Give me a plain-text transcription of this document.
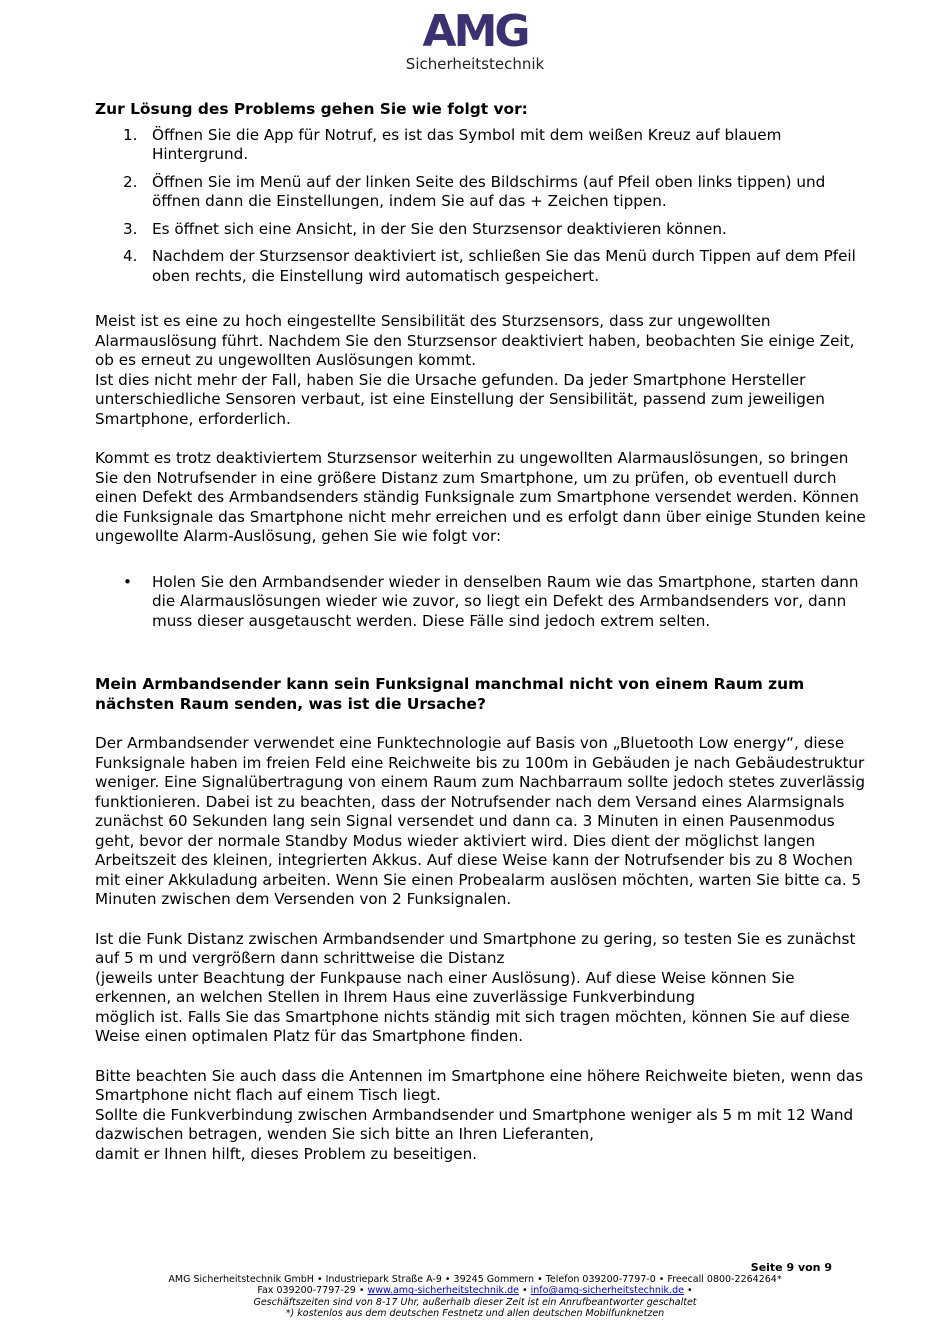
AMG
Sicherheitstechnik
Zur Lösung des Problems gehen Sie wie folgt vor:
1. Öffnen Sie die App für Notruf, es ist das Symbol mit dem weißen Kreuz auf blauem Hintergrund.
2. Öffnen Sie im Menü auf der linken Seite des Bildschirms (auf Pfeil oben links tippen) und öffnen dann die Einstellungen, indem Sie auf das + Zeichen tippen.
3. Es öffnet sich eine Ansicht, in der Sie den Sturzsensor deaktivieren können.
4. Nachdem der Sturzsensor deaktiviert ist, schließen Sie das Menü durch Tippen auf dem Pfeil oben rechts, die Einstellung wird automatisch gespeichert.

Meist ist es eine zu hoch eingestellte Sensibilität des Sturzsensors, dass zur ungewollten Alarmauslösung führt. Nachdem Sie den Sturzsensor deaktiviert haben, beobachten Sie einige Zeit, ob es erneut zu ungewollten Auslösungen kommt.

Ist dies nicht mehr der Fall, haben Sie die Ursache gefunden. Da jeder Smartphone Hersteller unterschiedliche Sensoren verbaut, ist eine Einstellung der Sensibilität, passend zum jeweiligen Smartphone, erforderlich.

Kommt es trotz deaktiviertem Sturzsensor weiterhin zu ungewollten Alarmauslösungen, so bringen Sie den Notrufsender in eine größere Distanz zum Smartphone, um zu prüfen, ob eventuell durch einen Defekt des Armbandsenders ständig Funksignale zum Smartphone versendet werden. Können die Funksignale das Smartphone nicht mehr erreichen und es erfolgt dann über einige Stunden keine ungewollte Alarm-Auslösung, gehen Sie wie folgt vor:

• Holen Sie den Armbandsender wieder in denselben Raum wie das Smartphone, starten dann die Alarmauslösungen wieder wie zuvor, so liegt ein Defekt des Armbandsenders vor, dann muss dieser ausgetauscht werden. Diese Fälle sind jedoch extrem selten.
Mein Armbandsender kann sein Funksignal manchmal nicht von einem Raum zum nächsten Raum senden, was ist die Ursache?

Der Armbandsender verwendet eine Funktechnologie auf Basis von „Bluetooth Low energy“, diese Funksignale haben im freien Feld eine Reichweite bis zu 100m in Gebäuden je nach Gebäudestruktur weniger. Eine Signalübertragung von einem Raum zum Nachbarraum sollte jedoch stetes zuverlässig funktionieren. Dabei ist zu beachten, dass der Notrufsender nach dem Versand eines Alarmsignals zunächst 60 Sekunden lang sein Signal versendet und dann ca. 3 Minuten in einen Pausenmodus geht, bevor der normale Standby Modus wieder aktiviert wird. Dies dient der möglichst langen Arbeitszeit des kleinen, integrierten Akkus. Auf diese Weise kann der Notrufsender bis zu 8 Wochen mit einer Akkuladung arbeiten. Wenn Sie einen Probealarm auslösen möchten, warten Sie bitte ca. 5 Minuten zwischen dem Versenden von 2 Funksignalen.

Ist die Funk Distanz zwischen Armbandsender und Smartphone zu gering, so testen Sie es zunächst auf 5 m und vergrößern dann schrittweise die Distanz

(jeweils unter Beachtung der Funkpause nach einer Auslösung). Auf diese Weise können Sie erkennen, an welchen Stellen in Ihrem Haus eine zuverlässige Funkverbindung

möglich ist. Falls Sie das Smartphone nichts ständig mit sich tragen möchten, können Sie auf diese Weise einen optimalen Platz für das Smartphone finden.

Bitte beachten Sie auch dass die Antennen im Smartphone eine höhere Reichweite bieten, wenn das Smartphone nicht flach auf einem Tisch liegt.

Sollte die Funkverbindung zwischen Armbandsender und Smartphone weniger als 5 m mit 12 Wand dazwischen betragen, wenden Sie sich bitte an Ihren Lieferanten,

damit er Ihnen hilft, dieses Problem zu beseitigen.

Seite 9 von 9
AMG Sicherheitstechnik GmbH • Industriepark Straße A-9 • 39245 Gommern • Telefon 039200-7797-0 • Freecall 0800-2264264*
Fax 039200-7797-29 • www.amg-sicherheitstechnik.de • info@amg-sicherheitstechnik.de •
Geschäftszeiten sind von 8-17 Uhr, außerhalb dieser Zeit ist ein Anrufbeantworter geschaltet
*) kostenlos aus dem deutschen Festnetz und allen deutschen Mobilfunknetzen
